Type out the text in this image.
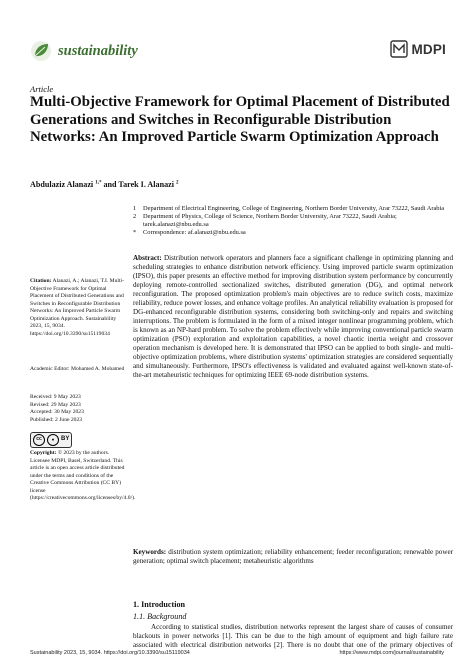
sustainability	MDPI
Article
Multi-Objective Framework for Optimal Placement of Distributed Generations and Switches in Reconfigurable Distribution Networks: An Improved Particle Swarm Optimization Approach
Abdulaziz Alanazi $^{1,*}$ and Tarek I. Alanazi $^2$
1	Department of Electrical Engineering, College of Engineering, Northern Border University, Arar 73222, Saudi Arabia
2	Department of Physics, College of Science, Northern Border University, Arar 73222, Saudi Arabia; tarek.alanazi@nbu.edu.sa
*	Correspondence: af.alanazi@nbu.edu.sa
Abstract: Distribution network operators and planners face a significant challenge in optimizing planning and scheduling strategies to enhance distribution network efficiency. Using improved particle swarm optimization (IPSO), this paper presents an effective method for improving distribution system performance by concurrently deploying remote-controlled sectionalized switches, distributed generation (DG), and optimal network reconfiguration. The proposed optimization problem's main objectives are to reduce switch costs, maximize reliability, reduce power losses, and enhance voltage profiles. An analytical reliability evaluation is proposed for DG-enhanced reconfigurable distribution systems, considering both switching-only and repairs and switching interruptions. The problem is formulated in the form of a mixed integer nonlinear programming problem, which is known as an NP-hard problem. To solve the problem effectively while improving conventional particle swarm optimization (PSO) exploration and exploitation capabilities, a novel chaotic inertia weight and crossover operation mechanism is developed here. It is demonstrated that IPSO can be applied to both single- and multi-objective optimization problems, where distribution systems' optimization strategies are considered sequentially and simultaneously. Furthermore, IPSO's effectiveness is validated and evaluated against well-known state-of-the-art metaheuristic techniques for optimizing IEEE 69-node distribution systems.
Keywords: distribution system optimization; reliability enhancement; feeder reconfiguration; renewable power generation; optimal switch placement; metaheuristic algorithms
Citation: Alanazi, A.; Alanazi, T.I. Multi-Objective Framework for Optimal Placement of Distributed Generations and Switches in Reconfigurable Distribution Networks: An Improved Particle Swarm Optimization Approach. Sustainability 2023, 15, 9034. https://doi.org/10.3390/su15119034
Academic Editor: Mohamed A. Mohamed
Received: 9 May 2023
Revised: 29 May 2023
Accepted: 30 May 2023
Published: 2 June 2023
cc	●	BY
Copyright: © 2023 by the authors. Licensee MDPI, Basel, Switzerland. This article is an open access article distributed under the terms and conditions of the Creative Commons Attribution (CC BY) license (https://creativecommons.org/licenses/by/4.0/).
1. Introduction
1.1. Background
According to statistical studies, distribution networks represent the largest share of causes of consumer blackouts in power networks [1]. This can be due to the high amount of equipment and high failure rate associated with electrical distribution networks [2]. There is no doubt that one of the primary objectives of
Sustainability 2023, 15, 9034. https://doi.org/10.3390/su15119034	https://www.mdpi.com/journal/sustainability
